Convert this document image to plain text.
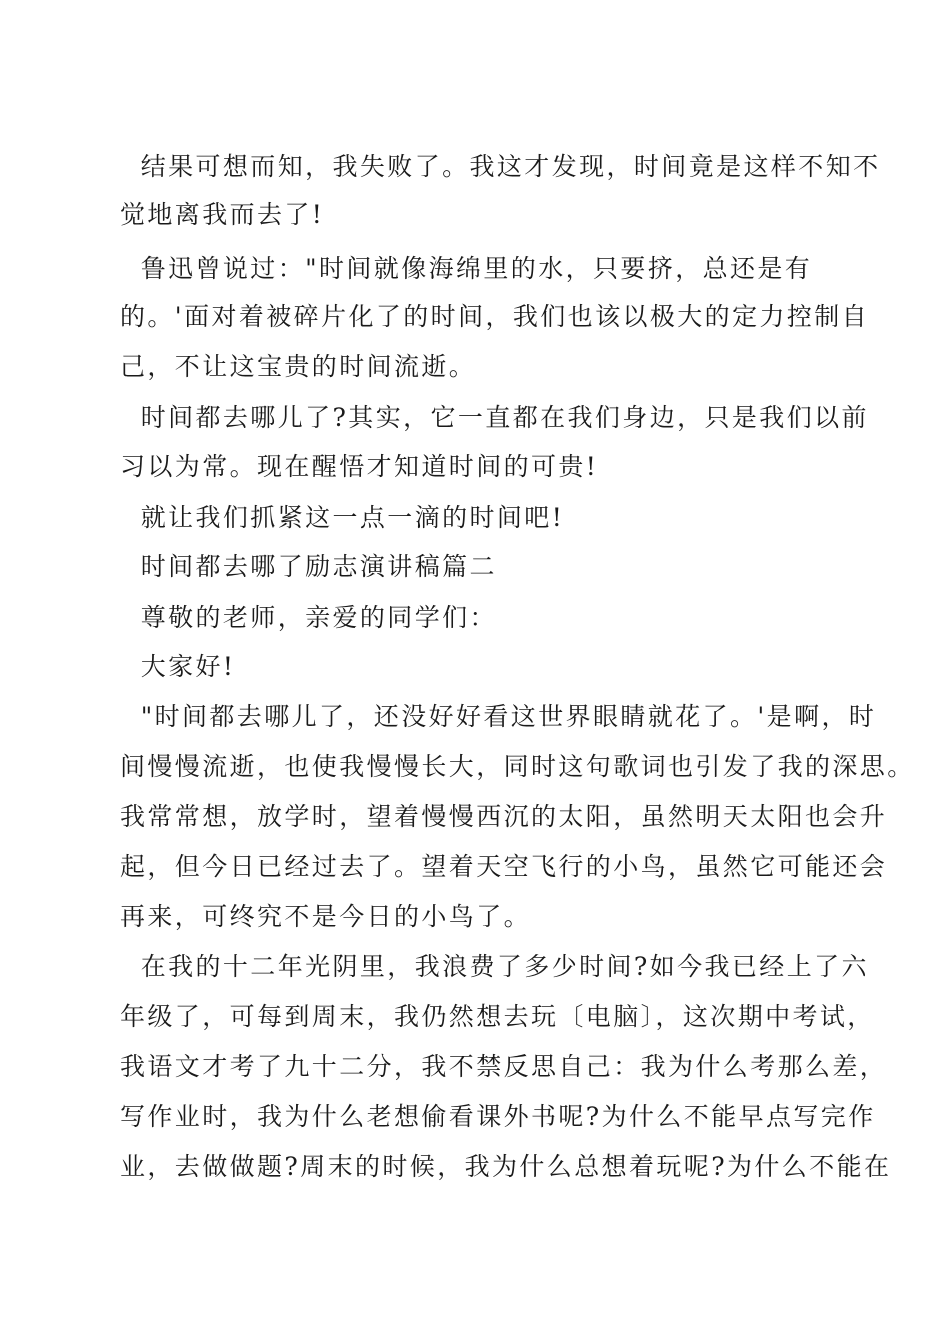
结果可想而知，我失败了。我这才发现，时间竟是这样不知不
觉地离我而去了!
鲁迅曾说过："时间就像海绵里的水，只要挤，总还是有
的。'面对着被碎片化了的时间，我们也该以极大的定力控制自
己，不让这宝贵的时间流逝。
时间都去哪儿了?其实，它一直都在我们身边，只是我们以前
习以为常。现在醒悟才知道时间的可贵!
就让我们抓紧这一点一滴的时间吧!
时间都去哪了励志演讲稿篇二
尊敬的老师，亲爱的同学们：
大家好!
"时间都去哪儿了，还没好好看这世界眼睛就花了。'是啊，时
间慢慢流逝，也使我慢慢长大，同时这句歌词也引发了我的深思。
我常常想，放学时，望着慢慢西沉的太阳，虽然明天太阳也会升
起，但今日已经过去了。望着天空飞行的小鸟，虽然它可能还会
再来，可终究不是今日的小鸟了。
在我的十二年光阴里，我浪费了多少时间?如今我已经上了六
年级了，可每到周末，我仍然想去玩〔电脑〕，这次期中考试，
我语文才考了九十二分，我不禁反思自己：我为什么考那么差，
写作业时，我为什么老想偷看课外书呢?为什么不能早点写完作
业，去做做题?周末的时候，我为什么总想着玩呢?为什么不能在
